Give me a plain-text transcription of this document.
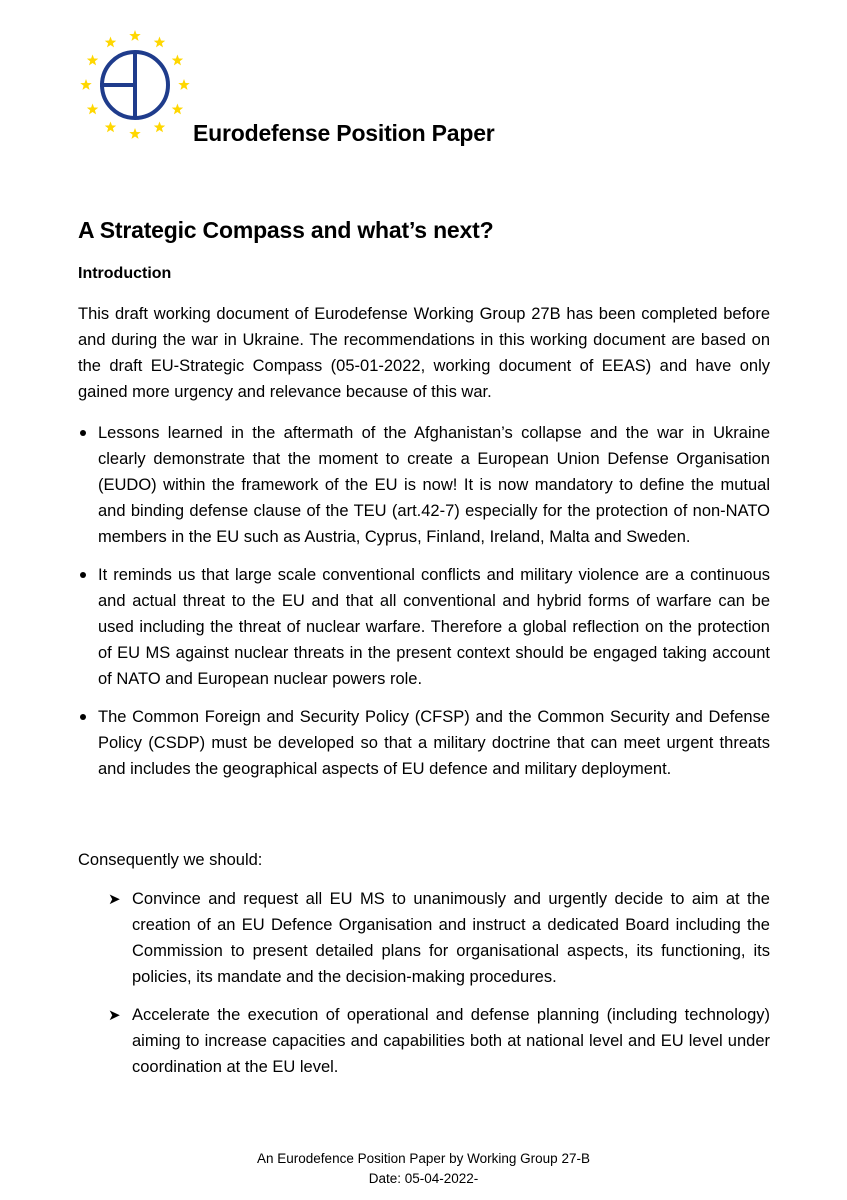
Eurodefense Position Paper
A Strategic Compass and what’s next?
Introduction

This draft working document of Eurodefense Working Group 27B has been completed before and during the war in Ukraine. The recommendations in this working document are based on the draft EU-Strategic Compass (05-01-2022, working document of EEAS) and have only gained more urgency and relevance because of this war.

Lessons learned in the aftermath of the Afghanistan’s collapse and the war in Ukraine clearly demonstrate that the moment to create a European Union Defense Organisation (EUDO) within the framework of the EU is now! It is now mandatory to define the mutual and binding defense clause of the TEU (art.42-7) especially for the protection of non-NATO members in the EU such as Austria, Cyprus, Finland, Ireland, Malta and Sweden.

It reminds us that large scale conventional conflicts and military violence are a continuous and actual threat to the EU and that all conventional and hybrid forms of warfare can be used including the threat of nuclear warfare. Therefore a global reflection on the protection of EU MS against nuclear threats in the present context should be engaged taking account of NATO and European nuclear powers role.

The Common Foreign and Security Policy (CFSP) and the Common Security and Defense Policy (CSDP) must be developed so that a military doctrine that can meet urgent threats and includes the geographical aspects of EU defence and military deployment.

Consequently we should:

➤ Convince and request all EU MS to unanimously and urgently decide to aim at the creation of an EU Defence Organisation and instruct a dedicated Board including the Commission to present detailed plans for organisational aspects, its functioning, its policies, its mandate and the decision-making procedures.

➤ Accelerate the execution of operational and defense planning (including technology) aiming to increase capacities and capabilities both at national level and EU level under coordination at the EU level.

An Eurodefence Position Paper by Working Group 27-B
Date: 05-04-2022-
